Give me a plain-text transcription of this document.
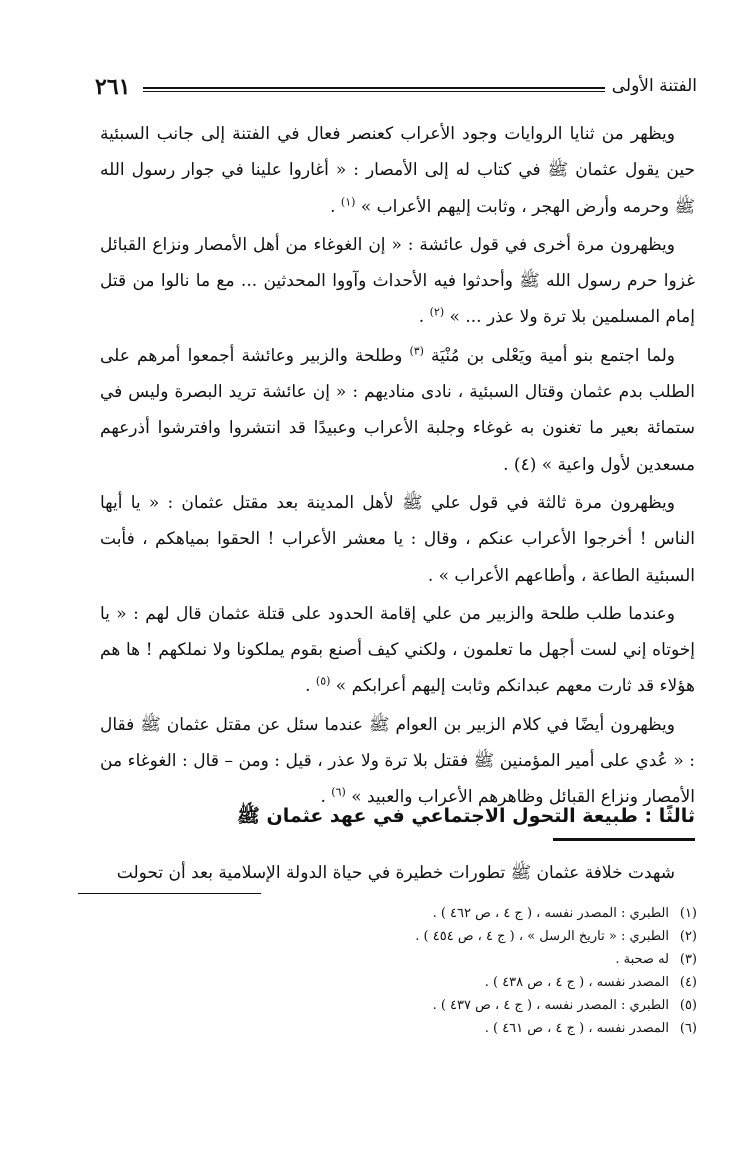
الفتنة الأولى
٢٦١

ويظهر من ثنايا الروايات وجود الأعراب كعنصر فعال في الفتنة إلى جانب السبئية حين يقول عثمان ﷺ في كتاب له إلى الأمصار : « أغاروا علينا في جوار رسول الله ﷺ وحرمه وأرض الهجر ، وثابت إليهم الأعراب » $^{(١)}$ .

ويظهرون مرة أخرى في قول عائشة : « إن الغوغاء من أهل الأمصار ونزاع القبائل غزوا حرم رسول الله ﷺ وأحدثوا فيه الأحداث وآووا المحدثين ... مع ما نالوا من قتل إمام المسلمين بلا ترة ولا عذر ... » $^{(٢)}$ .

ولما اجتمع بنو أمية ويَعْلى بن مُنْيَة $^{(٣)}$ وطلحة والزبير وعائشة أجمعوا أمرهم على الطلب بدم عثمان وقتال السبئية ، نادى مناديهم : « إن عائشة تريد البصرة وليس في ستمائة بعير ما تغنون به غوغاء وجلبة الأعراب وعبيدًا قد انتشروا وافترشوا أذرعهم مسعدين لأول واعية » (٤) .

ويظهرون مرة ثالثة في قول علي ﷺ لأهل المدينة بعد مقتل عثمان : « يا أيها الناس ! أخرجوا الأعراب عنكم ، وقال : يا معشر الأعراب ! الحقوا بمياهكم ، فأبت السبئية الطاعة ، وأطاعهم الأعراب » .

وعندما طلب طلحة والزبير من علي إقامة الحدود على قتلة عثمان قال لهم : « يا إخوتاه إني لست أجهل ما تعلمون ، ولكني كيف أصنع بقوم يملكونا ولا نملكهم ! ها هم هؤلاء قد ثارت معهم عبدانكم وثابت إليهم أعرابكم » $^{(٥)}$ .

ويظهرون أيضًا في كلام الزبير بن العوام ﷺ عندما سئل عن مقتل عثمان ﷺ فقال : « عُدي على أمير المؤمنين ﷺ فقتل بلا ترة ولا عذر ، قيل : ومن – قال : الغوغاء من الأمصار ونزاع القبائل وظاهرهم الأعراب والعبيد » $^{(٦)}$ .

ثالثًا : طبيعة التحول الاجتماعي في عهد عثمان ﷺ

شهدت خلافة عثمان ﷺ تطورات خطيرة في حياة الدولة الإسلامية بعد أن تحولت

(١)الطبري : المصدر نفسه ، ( ج ٤ ، ص ٤٦٢ ) .
(٢)الطبري : « تاريخ الرسل » ، ( ج ٤ ، ص ٤٥٤ ) .
(٣)له صحبة .
(٤)المصدر نفسه ، ( ج ٤ ، ص ٤٣٨ ) .
(٥)الطبري : المصدر نفسه ، ( ج ٤ ، ص ٤٣٧ ) .
(٦)المصدر نفسه ، ( ج ٤ ، ص ٤٦١ ) .
